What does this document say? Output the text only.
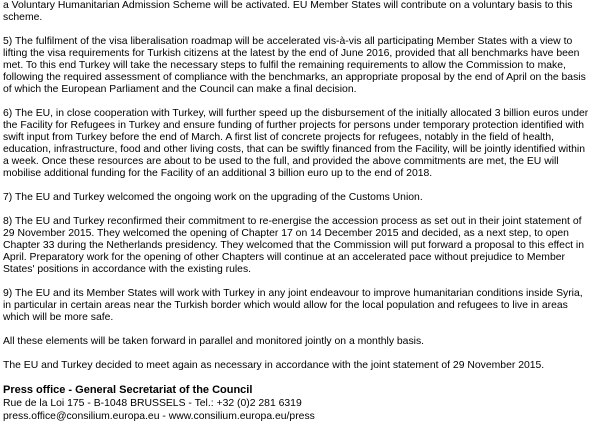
a Voluntary Humanitarian Admission Scheme will be activated. EU Member States will contribute on a voluntary basis to this scheme.

5) The fulfilment of the visa liberalisation roadmap will be accelerated vis-à-vis all participating Member States with a view to lifting the visa requirements for Turkish citizens at the latest by the end of June 2016, provided that all benchmarks have been met. To this end Turkey will take the necessary steps to fulfil the remaining requirements to allow the Commission to make, following the required assessment of compliance with the benchmarks, an appropriate proposal by the end of April on the basis of which the European Parliament and the Council can make a final decision.

6) The EU, in close cooperation with Turkey, will further speed up the disbursement of the initially allocated 3 billion euros under the Facility for Refugees in Turkey and ensure funding of further projects for persons under temporary protection identified with swift input from Turkey before the end of March. A first list of concrete projects for refugees, notably in the field of health, education, infrastructure, food and other living costs, that can be swiftly financed from the Facility, will be jointly identified within a week. Once these resources are about to be used to the full, and provided the above commitments are met, the EU will mobilise additional funding for the Facility of an additional 3 billion euro up to the end of 2018.

7) The EU and Turkey welcomed the ongoing work on the upgrading of the Customs Union.

8) The EU and Turkey reconfirmed their commitment to re-energise the accession process as set out in their joint statement of 29 November 2015. They welcomed the opening of Chapter 17 on 14 December 2015 and decided, as a next step, to open Chapter 33 during the Netherlands presidency. They welcomed that the Commission will put forward a proposal to this effect in April. Preparatory work for the opening of other Chapters will continue at an accelerated pace without prejudice to Member States' positions in accordance with the existing rules.

9) The EU and its Member States will work with Turkey in any joint endeavour to improve humanitarian conditions inside Syria, in particular in certain areas near the Turkish border which would allow for the local population and refugees to live in areas which will be more safe.

All these elements will be taken forward in parallel and monitored jointly on a monthly basis.

The EU and Turkey decided to meet again as necessary in accordance with the joint statement of 29 November 2015.

Press office - General Secretariat of the Council
Rue de la Loi 175 - B-1048 BRUSSELS - Tel.: +32 (0)2 281 6319
press.office@consilium.europa.eu - www.consilium.europa.eu/press
